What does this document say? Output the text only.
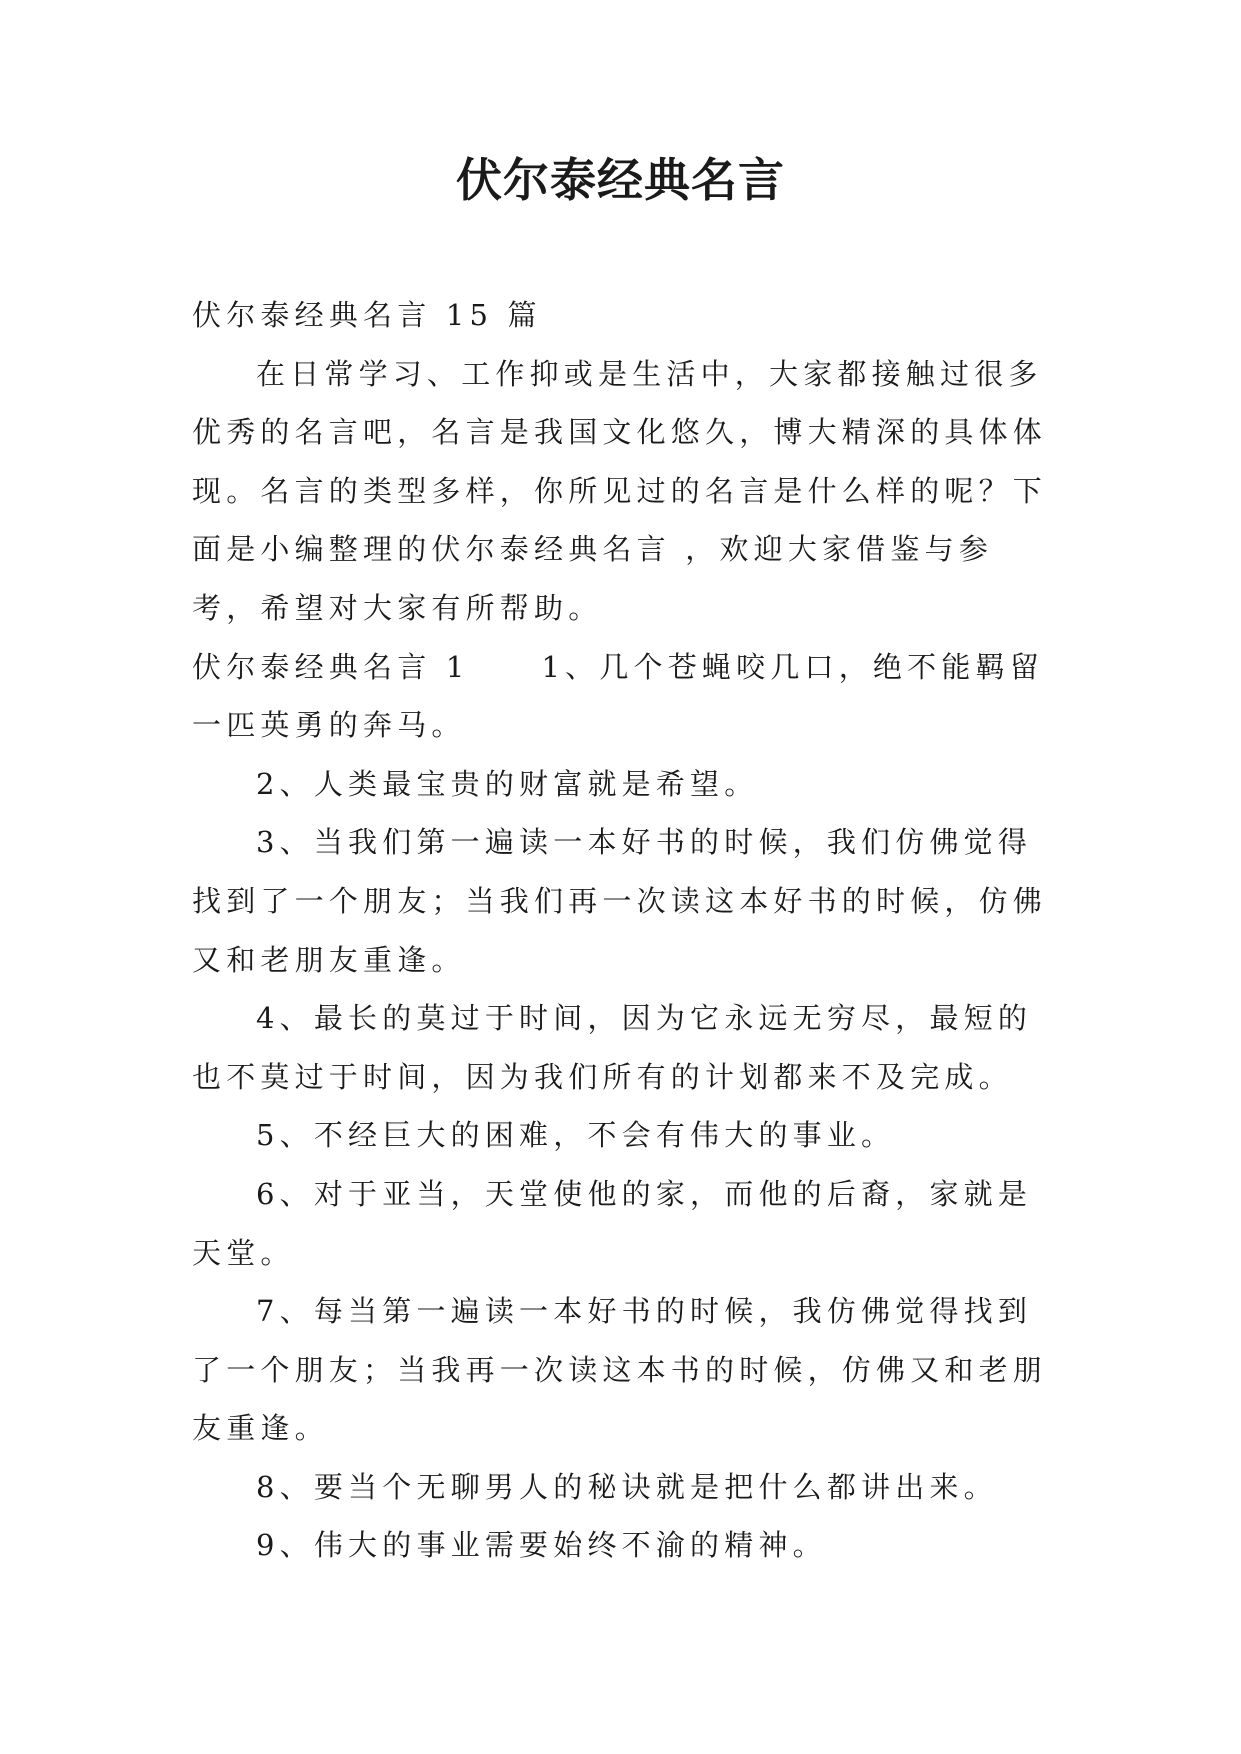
伏尔泰经典名言

伏尔泰经典名言 15 篇

在日常学习、工作抑或是生活中，大家都接触过很多优秀的名言吧，名言是我国文化悠久，博大精深的具体体现。名言的类型多样，你所见过的名言是什么样的呢？下面是小编整理的伏尔泰经典名言 ，欢迎大家借鉴与参考，希望对大家有所帮助。

伏尔泰经典名言 1 1、几个苍蝇咬几口，绝不能羁留一匹英勇的奔马。

2、人类最宝贵的财富就是希望。

3、当我们第一遍读一本好书的时候，我们仿佛觉得找到了一个朋友；当我们再一次读这本好书的时候，仿佛又和老朋友重逢。

4、最长的莫过于时间，因为它永远无穷尽，最短的也不莫过于时间，因为我们所有的计划都来不及完成。

5、不经巨大的困难，不会有伟大的事业。

6、对于亚当，天堂使他的家，而他的后裔，家就是天堂。

7、每当第一遍读一本好书的时候，我仿佛觉得找到了一个朋友；当我再一次读这本书的时候，仿佛又和老朋友重逢。

8、要当个无聊男人的秘诀就是把什么都讲出来。

9、伟大的事业需要始终不渝的精神。
